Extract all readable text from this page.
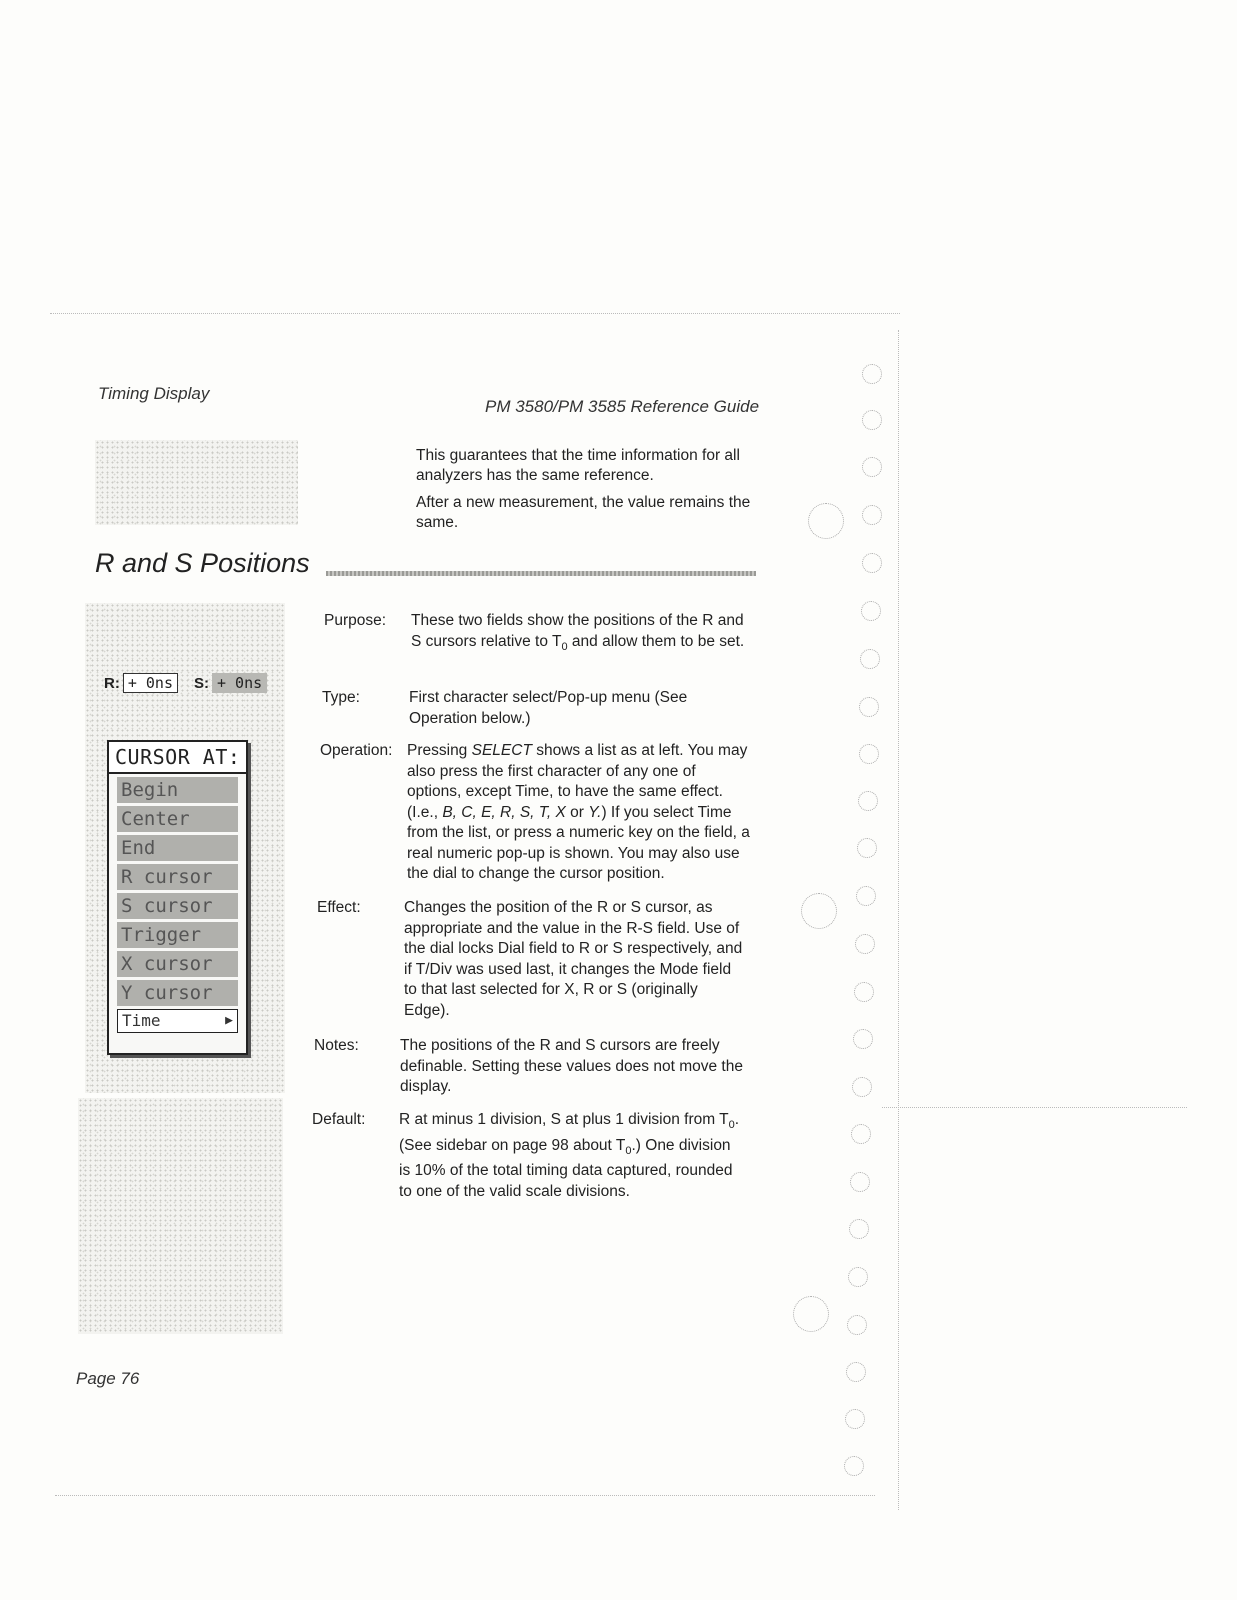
Timing Display
PM 3580/PM 3585 Reference Guide

This guarantees that the time information for all analyzers has the same reference.

After a new measurement, the value remains the same.

R and S Positions
R: + 0ns	S: + 0ns
CURSOR AT:
Begin
Center
End
R cursor
S cursor
Trigger
X cursor
Y cursor
Time	▶
Purpose: These two fields show the positions of the R and S cursors relative to $T_0$ and allow them to be set.
Type:	First character select/Pop-up menu (See Operation below.)
Operation: Pressing SELECT shows a list as at left. You may also press the first character of any one of options, except Time, to have the same effect. (I.e., B, C, E, R, S, T, X or Y.) If you select Time from the list, or press a numeric key on the field, a real numeric pop-up is shown. You may also use the dial to change the cursor position.
Effect:	Changes the position of the R or S cursor, as appropriate and the value in the R-S field. Use of the dial locks Dial field to R or S respectively, and if T/Div was used last, it changes the Mode field to that last selected for X, R or S (originally Edge).
Notes:	The positions of the R and S cursors are freely definable. Setting these values does not move the display.
Default: R at minus 1 division, S at plus 1 division from $T_0$. (See sidebar on page 98 about $T_0$.) One division is 10% of the total timing data captured, rounded to one of the valid scale divisions.
Page 76
